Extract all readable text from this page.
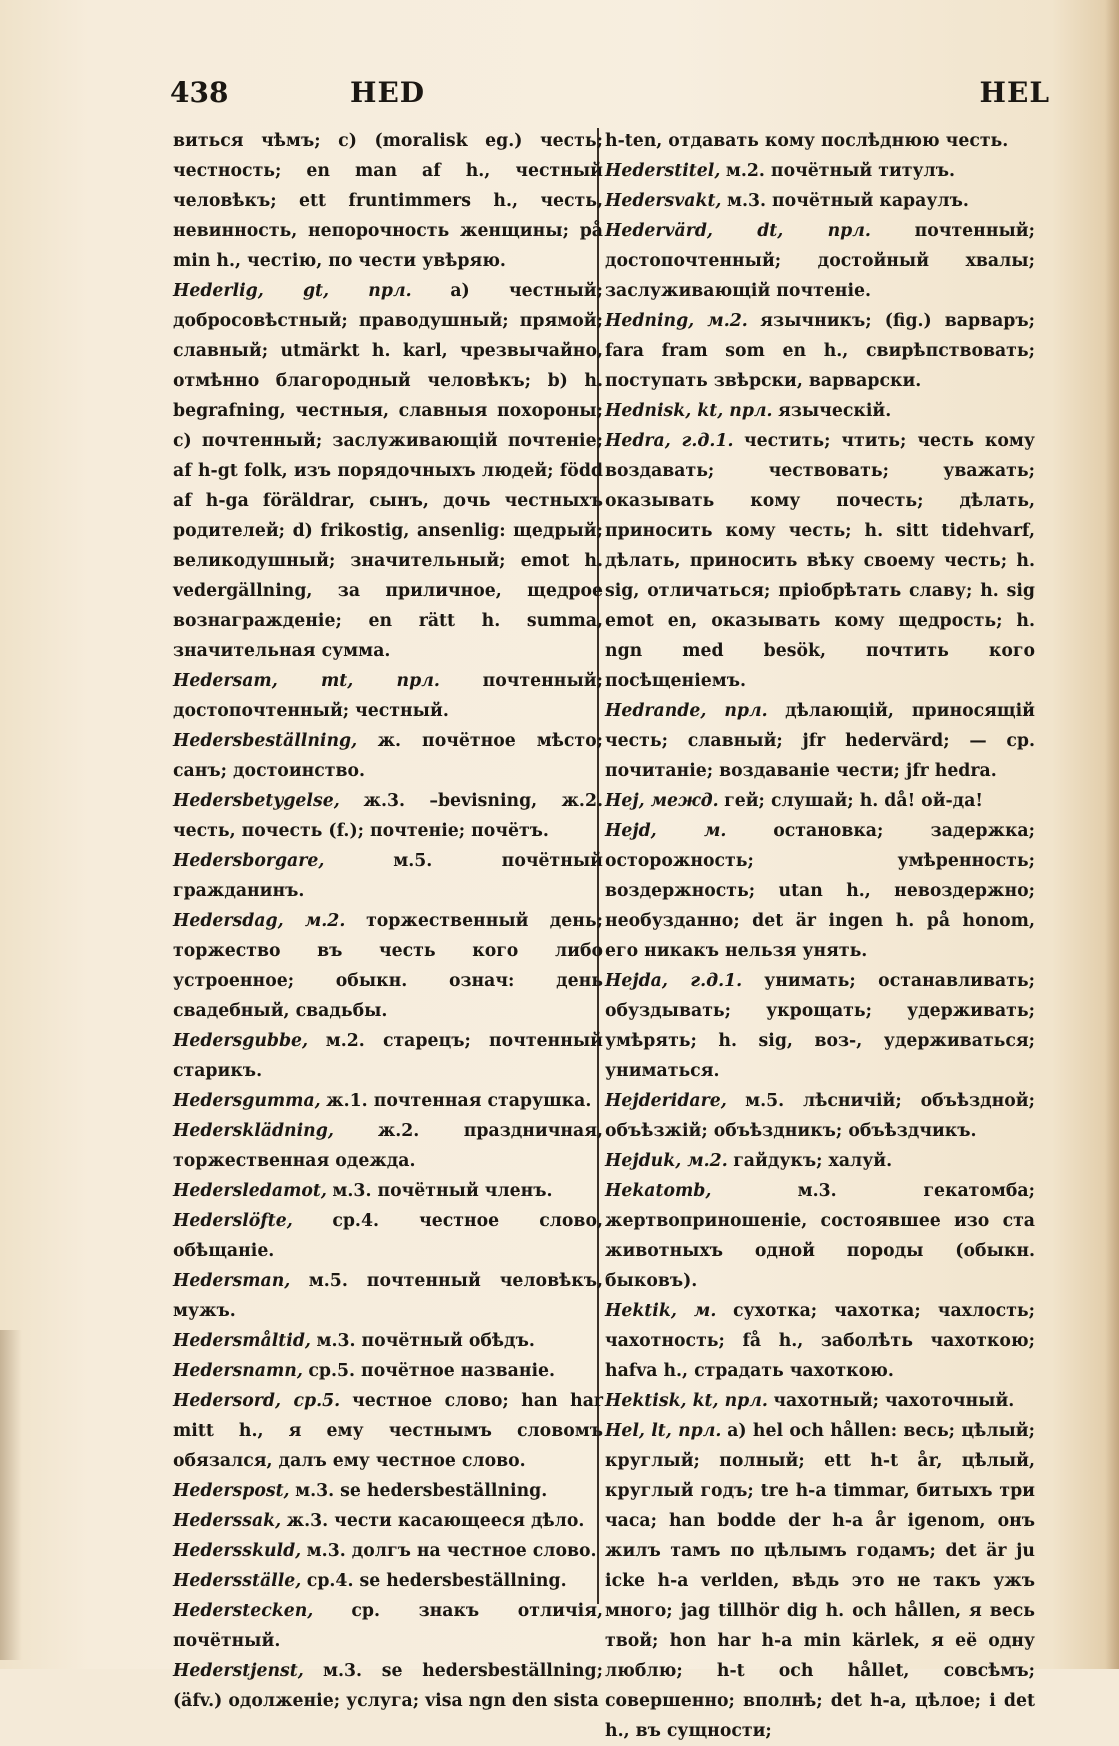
438	HED	HEL

виться чѣмъ; c) (moralisk eg.) честь; честность; en man af h., честный человѣкъ; ett fruntimmers h., честь, невинность, непорочность женщины; på min h., честію, по чести увѣряю.

Hederlig, gt, прл. a) честный; добросовѣстный; праводушный; прямой; славный; utmärkt h. karl, чрезвычайно, отмѣнно благородный человѣкъ; b) h. begrafning, честныя, славныя похороны; c) почтенный; заслуживающій почтеніе; af h-gt folk, изъ порядочныхъ людей; född af h-ga föräldrar, сынъ, дочь честныхъ родителей; d) frikostig, ansenlig: щедрый; великодушный; значительный; emot h. vedergällning, за приличное, щедрое вознагражденіе; en rätt h. summa, значительная сумма.

Hedersam, mt, прл. почтенный; достопочтенный; честный.

Hedersbeställning, ж. почётное мѣсто; санъ; достоинство.

Hedersbetygelse, ж.3. –bevisning, ж.2. честь, почесть (f.); почтеніе; почётъ.

Hedersborgare,	м.5. почётный гражданинъ.

Hedersdag, м.2. торжественный день; торжество въ честь кого либо устроенное; обыкн. означ: день свадебный, свадьбы.

Hedersgubbe, м.2. старецъ; почтенный старикъ.

Hedersgumma, ж.1. почтенная старушка.

Hedersklädning,	ж.2. праздничная, торжественная одежда.

Hedersledamot, м.3. почётный членъ.

Hederslöfte, ср.4. честное слово, обѣщаніе.

Hedersman, м.5. почтенный человѣкъ, мужъ.

Hedersmåltid, м.3. почётный обѣдъ.

Hedersnamn, ср.5. почётное названіе.

Hedersord, ср.5. честное слово; han har mitt h., я ему честнымъ словомъ обязался, далъ ему честное слово.

Hederspost, м.3. se hedersbeställning.

Hederssak, ж.3. чести касающееся дѣло.

Hedersskuld, м.3. долгъ на честное слово.

Hedersställe, ср.4. se hedersbeställning.

Hederstecken, ср. знакъ отличія, почётный.

Hederstjenst, м.3. se hedersbeställning; (äfv.) одолженіе; услуга; visa ngn den sista

h-ten, отдавать кому послѣднюю честь.

Hederstitel, м.2. почётный титулъ.

Hedersvakt, м.3. почётный караулъ.

Hedervärd, dt, прл.	почтенный; достопочтенный; достойный хвалы; заслуживающій почтеніе.

Hedning, м.2. язычникъ; (fig.) варваръ; fara fram som en h., свирѣпствовать; поступать звѣрски, варварски.

Hednisk, kt, прл. языческій.

Hedra, г.д.1. честить; чтить; честь кому воздавать; чествовать; уважать; оказывать кому почесть; дѣлать, приносить кому честь; h. sitt tidehvarf, дѣлать, приносить вѣку своему честь; h. sig, отличаться; пріобрѣтать славу; h. sig emot en, оказывать кому щедрость; h. ngn med besök, почтить кого посѣщеніемъ.

Hedrande, прл. дѣлающій, приносящій честь; славный; jfr hedervärd; — ср. почитаніе; воздаваніе чести; jfr hedra.

Hej, межд. гей; слушай; h. då! ой-да!

Hejd, м.	остановка; задержка; осторожность; умѣренность; воздержность; utan h., невоздержно; необузданно; det är ingen h. på honom, его никакъ нельзя унять.

Hejda, г.д.1. унимать; останавливать; обуздывать; укрощать; удерживать; умѣрять; h. sig, воз-, удерживаться; униматься.

Hejderidare, м.5. лѣсничій; объѣздной; объѣзжій; объѣздникъ; объѣздчикъ.

Hejduk, м.2. гайдукъ; халуй.

Hekatomb,	м.3. гекатомба; жертвоприношеніе, состоявшее изо ста животныхъ одной породы (обыкн. быковъ).

Hektik, м. сухотка; чахотка; чахлость; чахотность; få h., заболѣть чахоткою; hafva h., страдать чахоткою.

Hektisk, kt, прл. чахотный; чахоточный.

Hel, lt, прл. a) hel och hållen: весь; цѣлый; круглый; полный; ett h-t år, цѣлый, круглый годъ; tre h-a timmar, битыхъ три часа; han bodde der h-a år igenom, онъ жилъ тамъ по цѣлымъ годамъ; det är ju icke h-a verlden, вѣдь это не такъ ужъ много; jag tillhör dig h. och hållen, я весь твой; hon har h-a min kärlek, я её одну люблю; h-t och hållet, совсѣмъ; совершенно; вполнѣ; det h-a, цѣлое; i det h., въ сущности;
